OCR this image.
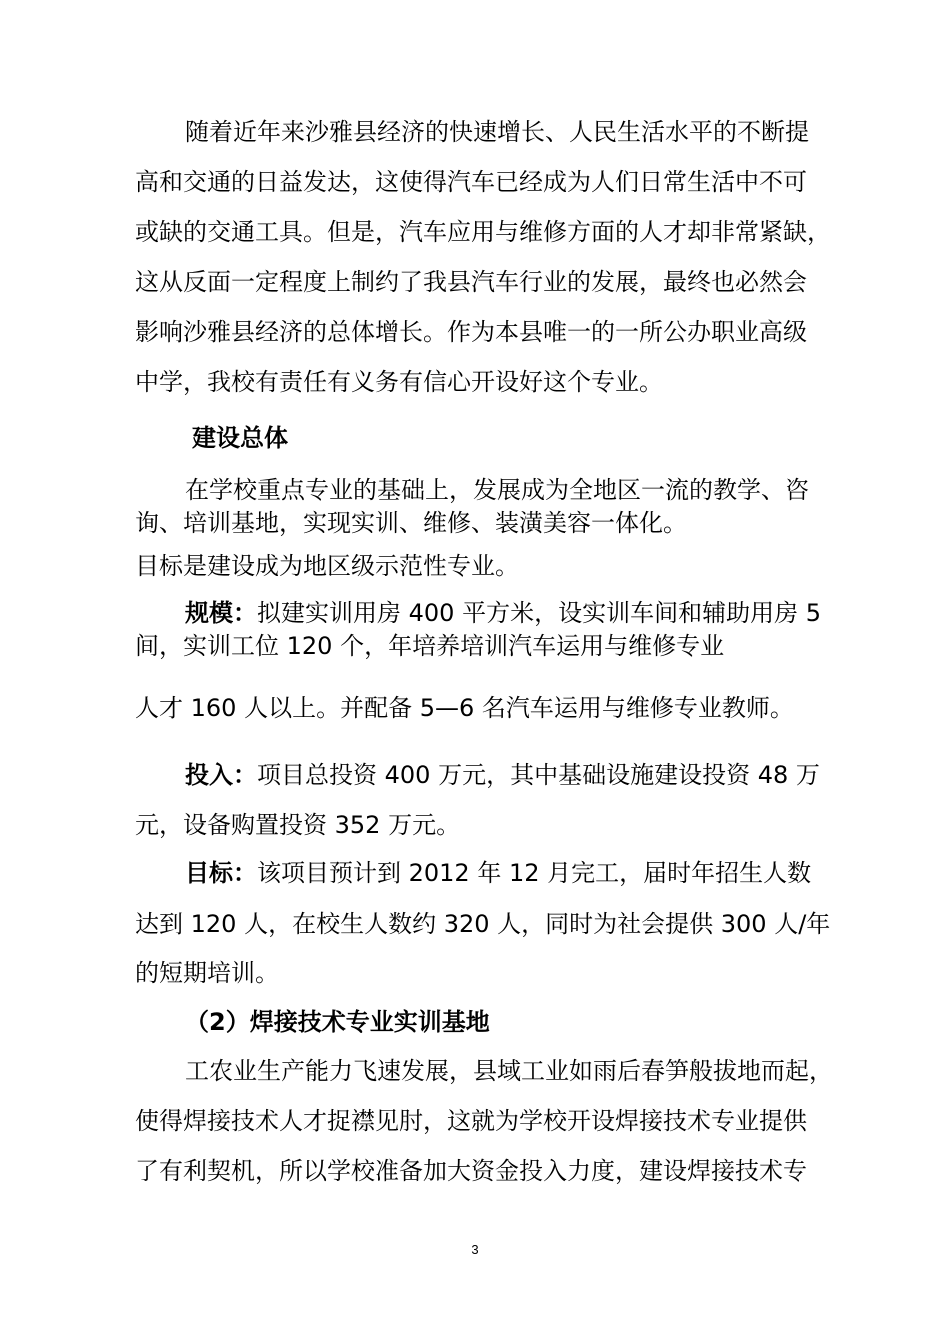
随着近年来沙雅县经济的快速增长、人民生活水平的不断提
高和交通的日益发达，这使得汽车已经成为人们日常生活中不可
或缺的交通工具。但是，汽车应用与维修方面的人才却非常紧缺，
这从反面一定程度上制约了我县汽车行业的发展，最终也必然会
影响沙雅县经济的总体增长。作为本县唯一的一所公办职业高级
中学，我校有责任有义务有信心开设好这个专业。
建设总体
在学校重点专业的基础上，发展成为全地区一流的教学、咨
询、培训基地，实现实训、维修、装潢美容一体化。
目标是建设成为地区级示范性专业。
规模：拟建实训用房 400 平方米，设实训车间和辅助用房 5
间，实训工位 120 个，年培养培训汽车运用与维修专业
人才 160 人以上。并配备 5—6 名汽车运用与维修专业教师。
投入：项目总投资 400 万元，其中基础设施建设投资 48 万
元，设备购置投资 352 万元。
目标：该项目预计到 2012 年 12 月完工，届时年招生人数
达到 120 人，在校生人数约 320 人，同时为社会提供 300 人/年
的短期培训。
（2）焊接技术专业实训基地
工农业生产能力飞速发展，县域工业如雨后春笋般拔地而起，
使得焊接技术人才捉襟见肘，这就为学校开设焊接技术专业提供
了有利契机，所以学校准备加大资金投入力度，建设焊接技术专
3
